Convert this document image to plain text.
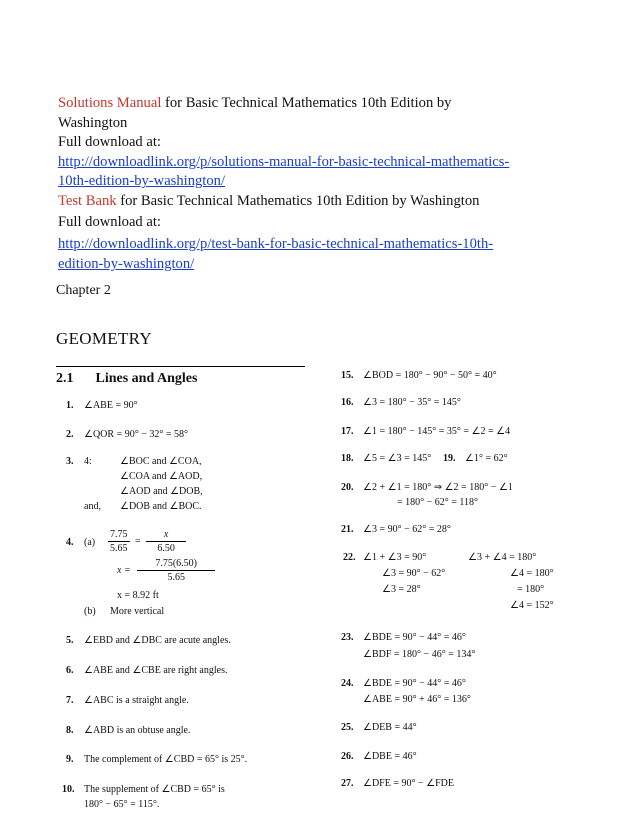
Solutions Manual for Basic Technical Mathematics 10th Edition by
Washington
Full download at:
http://downloadlink.org/p/solutions-manual-for-basic-technical-mathematics-
10th-edition-by-washington/
Test Bank for Basic Technical Mathematics 10th Edition by Washington
Full download at:
http://downloadlink.org/p/test-bank-for-basic-technical-mathematics-10th-
edition-by-washington/
Chapter 2
GEOMETRY
2.1 Lines and Angles
1. ∠ABE = 90°
2. ∠QOR = 90° − 32° = 58°
3. 4:	∠BOC and ∠COA,
∠COA and ∠AOD,
∠AOD and ∠DOB,
and, ∠DOB and ∠BOC.
4. $(a) \frac{7.75}{5.65} = \frac{x}{6.50}$
$x = \frac{7.75(6.50)}{5.65}$
x = 8.92 ft
(b) More vertical
5. ∠EBD and ∠DBC are acute angles.
6. ∠ABE and ∠CBE are right angles.
7. ∠ABC is a straight angle.
8. ∠ABD is an obtuse angle.
9. The complement of ∠CBD = 65° is 25°.
10. The supplement of ∠CBD = 65° is
180° − 65° = 115°.
15. ∠BOD = 180° − 90° − 50° = 40°
16. ∠3 = 180° − 35° = 145°
17. ∠1 = 180° − 145° = 35° = ∠2 = ∠4
18. ∠5 = ∠3 = 145° 19. ∠1° = 62°
20. ∠2 + ∠1 = 180° ⇒ ∠2 = 180° − ∠1
= 180° − 62° = 118°
21. ∠3 = 90° − 62° = 28°
22. ∠1 + ∠3 = 90°
∠3 = 90° − 62°
∠3 = 28°
∠3 + ∠4 = 180°
∠4 = 180°
= 180°
∠4 = 152°
23. ∠BDE = 90° − 44° = 46°
∠BDF = 180° − 46° = 134°
24. ∠BDE = 90° − 44° = 46°
∠ABE = 90° + 46° = 136°
25. ∠DEB = 44°
26. ∠DBE = 46°
27. ∠DFE = 90° − ∠FDE
